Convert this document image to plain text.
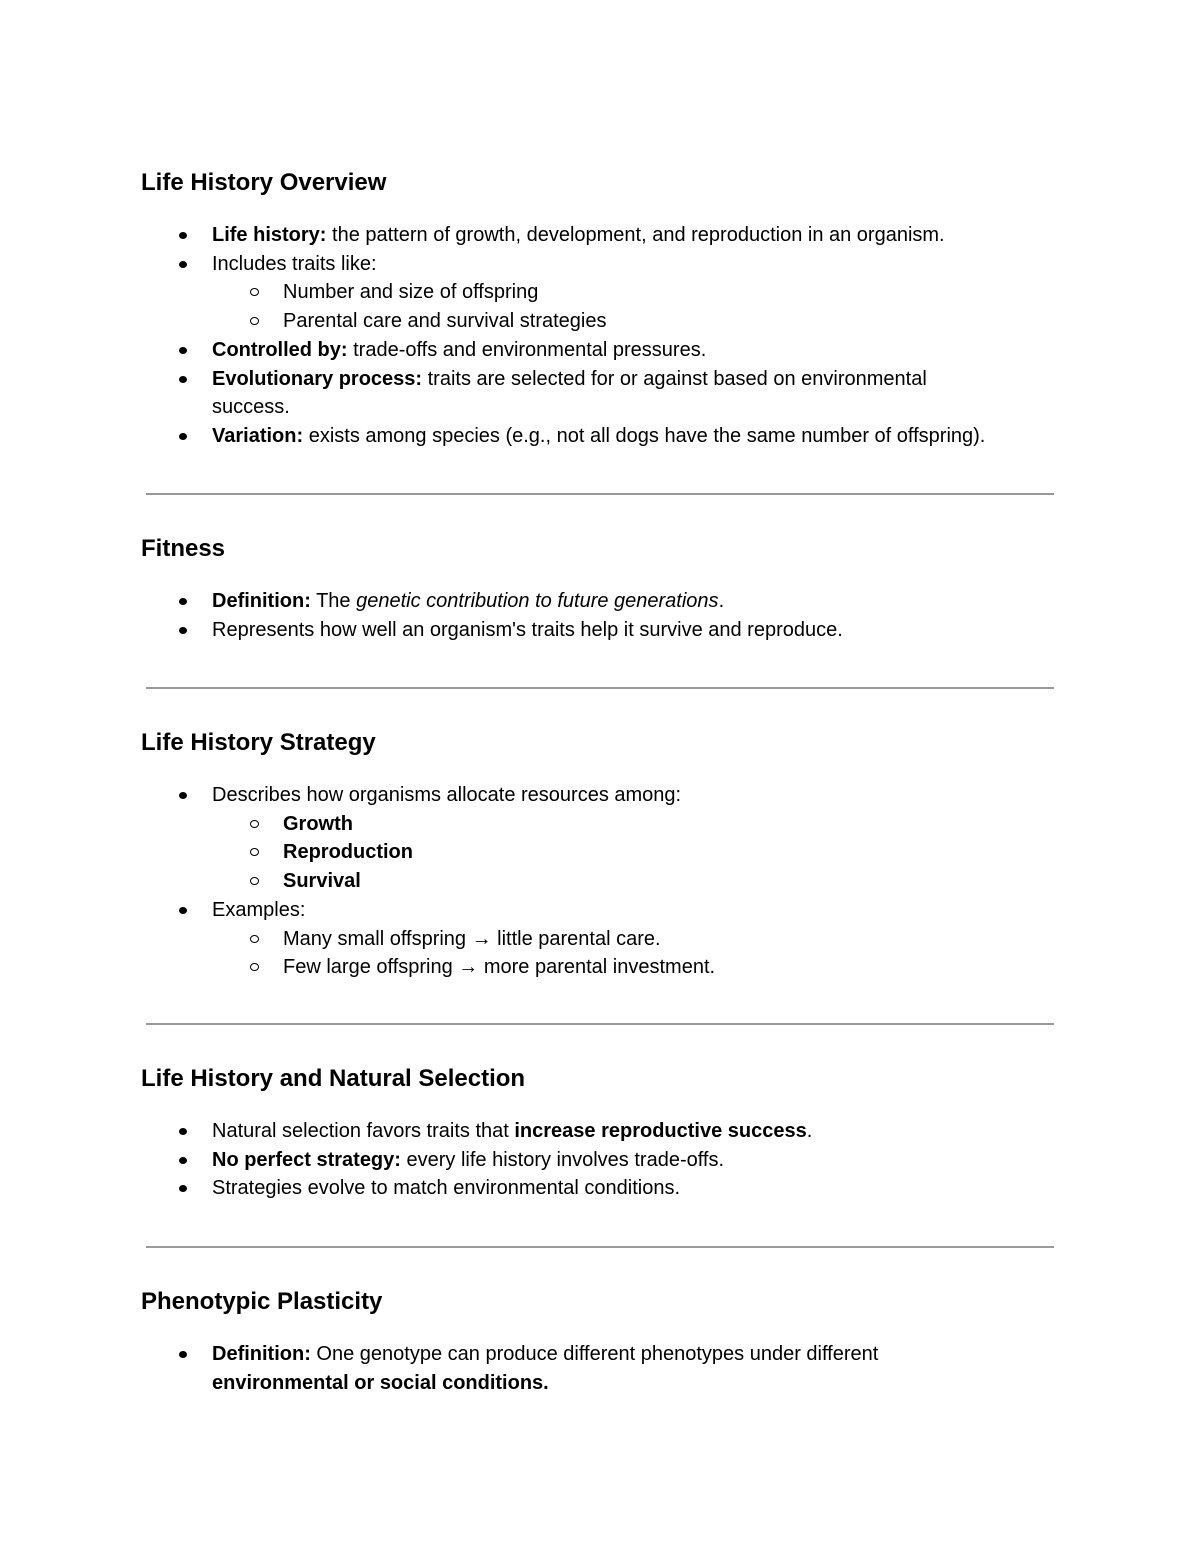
Life History Overview
Life history: the pattern of growth, development, and reproduction in an organism.
Includes traits like:
Number and size of offspring
Parental care and survival strategies
Controlled by: trade-offs and environmental pressures.
Evolutionary process: traits are selected for or against based on environmental success.
Variation: exists among species (e.g., not all dogs have the same number of offspring).
Fitness
Definition: The genetic contribution to future generations.
Represents how well an organism's traits help it survive and reproduce.
Life History Strategy
Describes how organisms allocate resources among:
Growth
Reproduction
Survival
Examples:
Many small offspring → little parental care.
Few large offspring → more parental investment.
Life History and Natural Selection
Natural selection favors traits that increase reproductive success.
No perfect strategy: every life history involves trade-offs.
Strategies evolve to match environmental conditions.
Phenotypic Plasticity
Definition: One genotype can produce different phenotypes under different environmental or social conditions.
